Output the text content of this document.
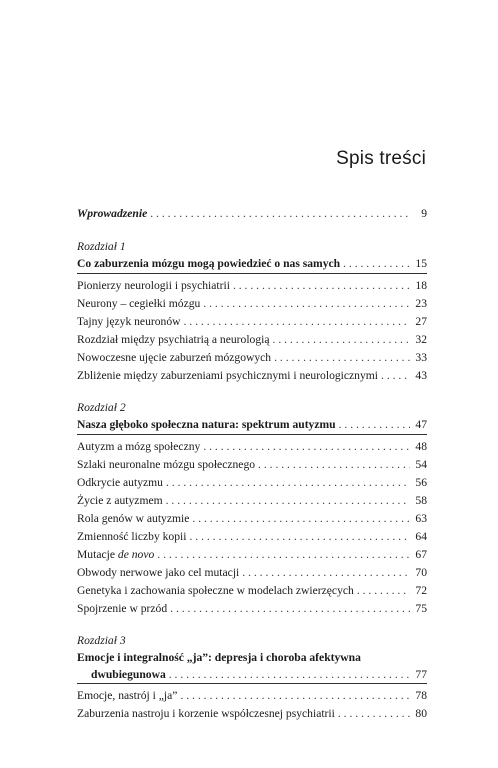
Spis treści
Wprowadzenie . . .	9
Rozdział 1
Co zaburzenia mózgu mogą powiedzieć o nas samych . . .	15
Pionierzy neurologii i psychiatrii . . .	18
Neurony – cegiełki mózgu . . .	23
Tajny język neuronów . . .	27
Rozdział między psychiatrią a neurologią . . .	32
Nowoczesne ujęcie zaburzeń mózgowych . . .	33
Zbliżenie między zaburzeniami psychicznymi i neurologicznymi . . .	43
Rozdział 2
Nasza głęboko społeczna natura: spektrum autyzmu . . .	47
Autyzm a mózg społeczny . . .	48
Szlaki neuronalne mózgu społecznego . . .	54
Odkrycie autyzmu . . .	56
Życie z autyzmem . . .	58
Rola genów w autyzmie . . .	63
Zmienność liczby kopii . . .	64
Mutacje de novo . . .	67
Obwody nerwowe jako cel mutacji . . .	70
Genetyka i zachowania społeczne w modelach zwierzęcych . . .	72
Spojrzenie w przód . . .	75
Rozdział 3
Emocje i integralność „ja”: depresja i choroba afektywna
dwubiegunowa . . .	77
Emocje, nastrój i „ja” . . .	78
Zaburzenia nastroju i korzenie współczesnej psychiatrii . . .	80
